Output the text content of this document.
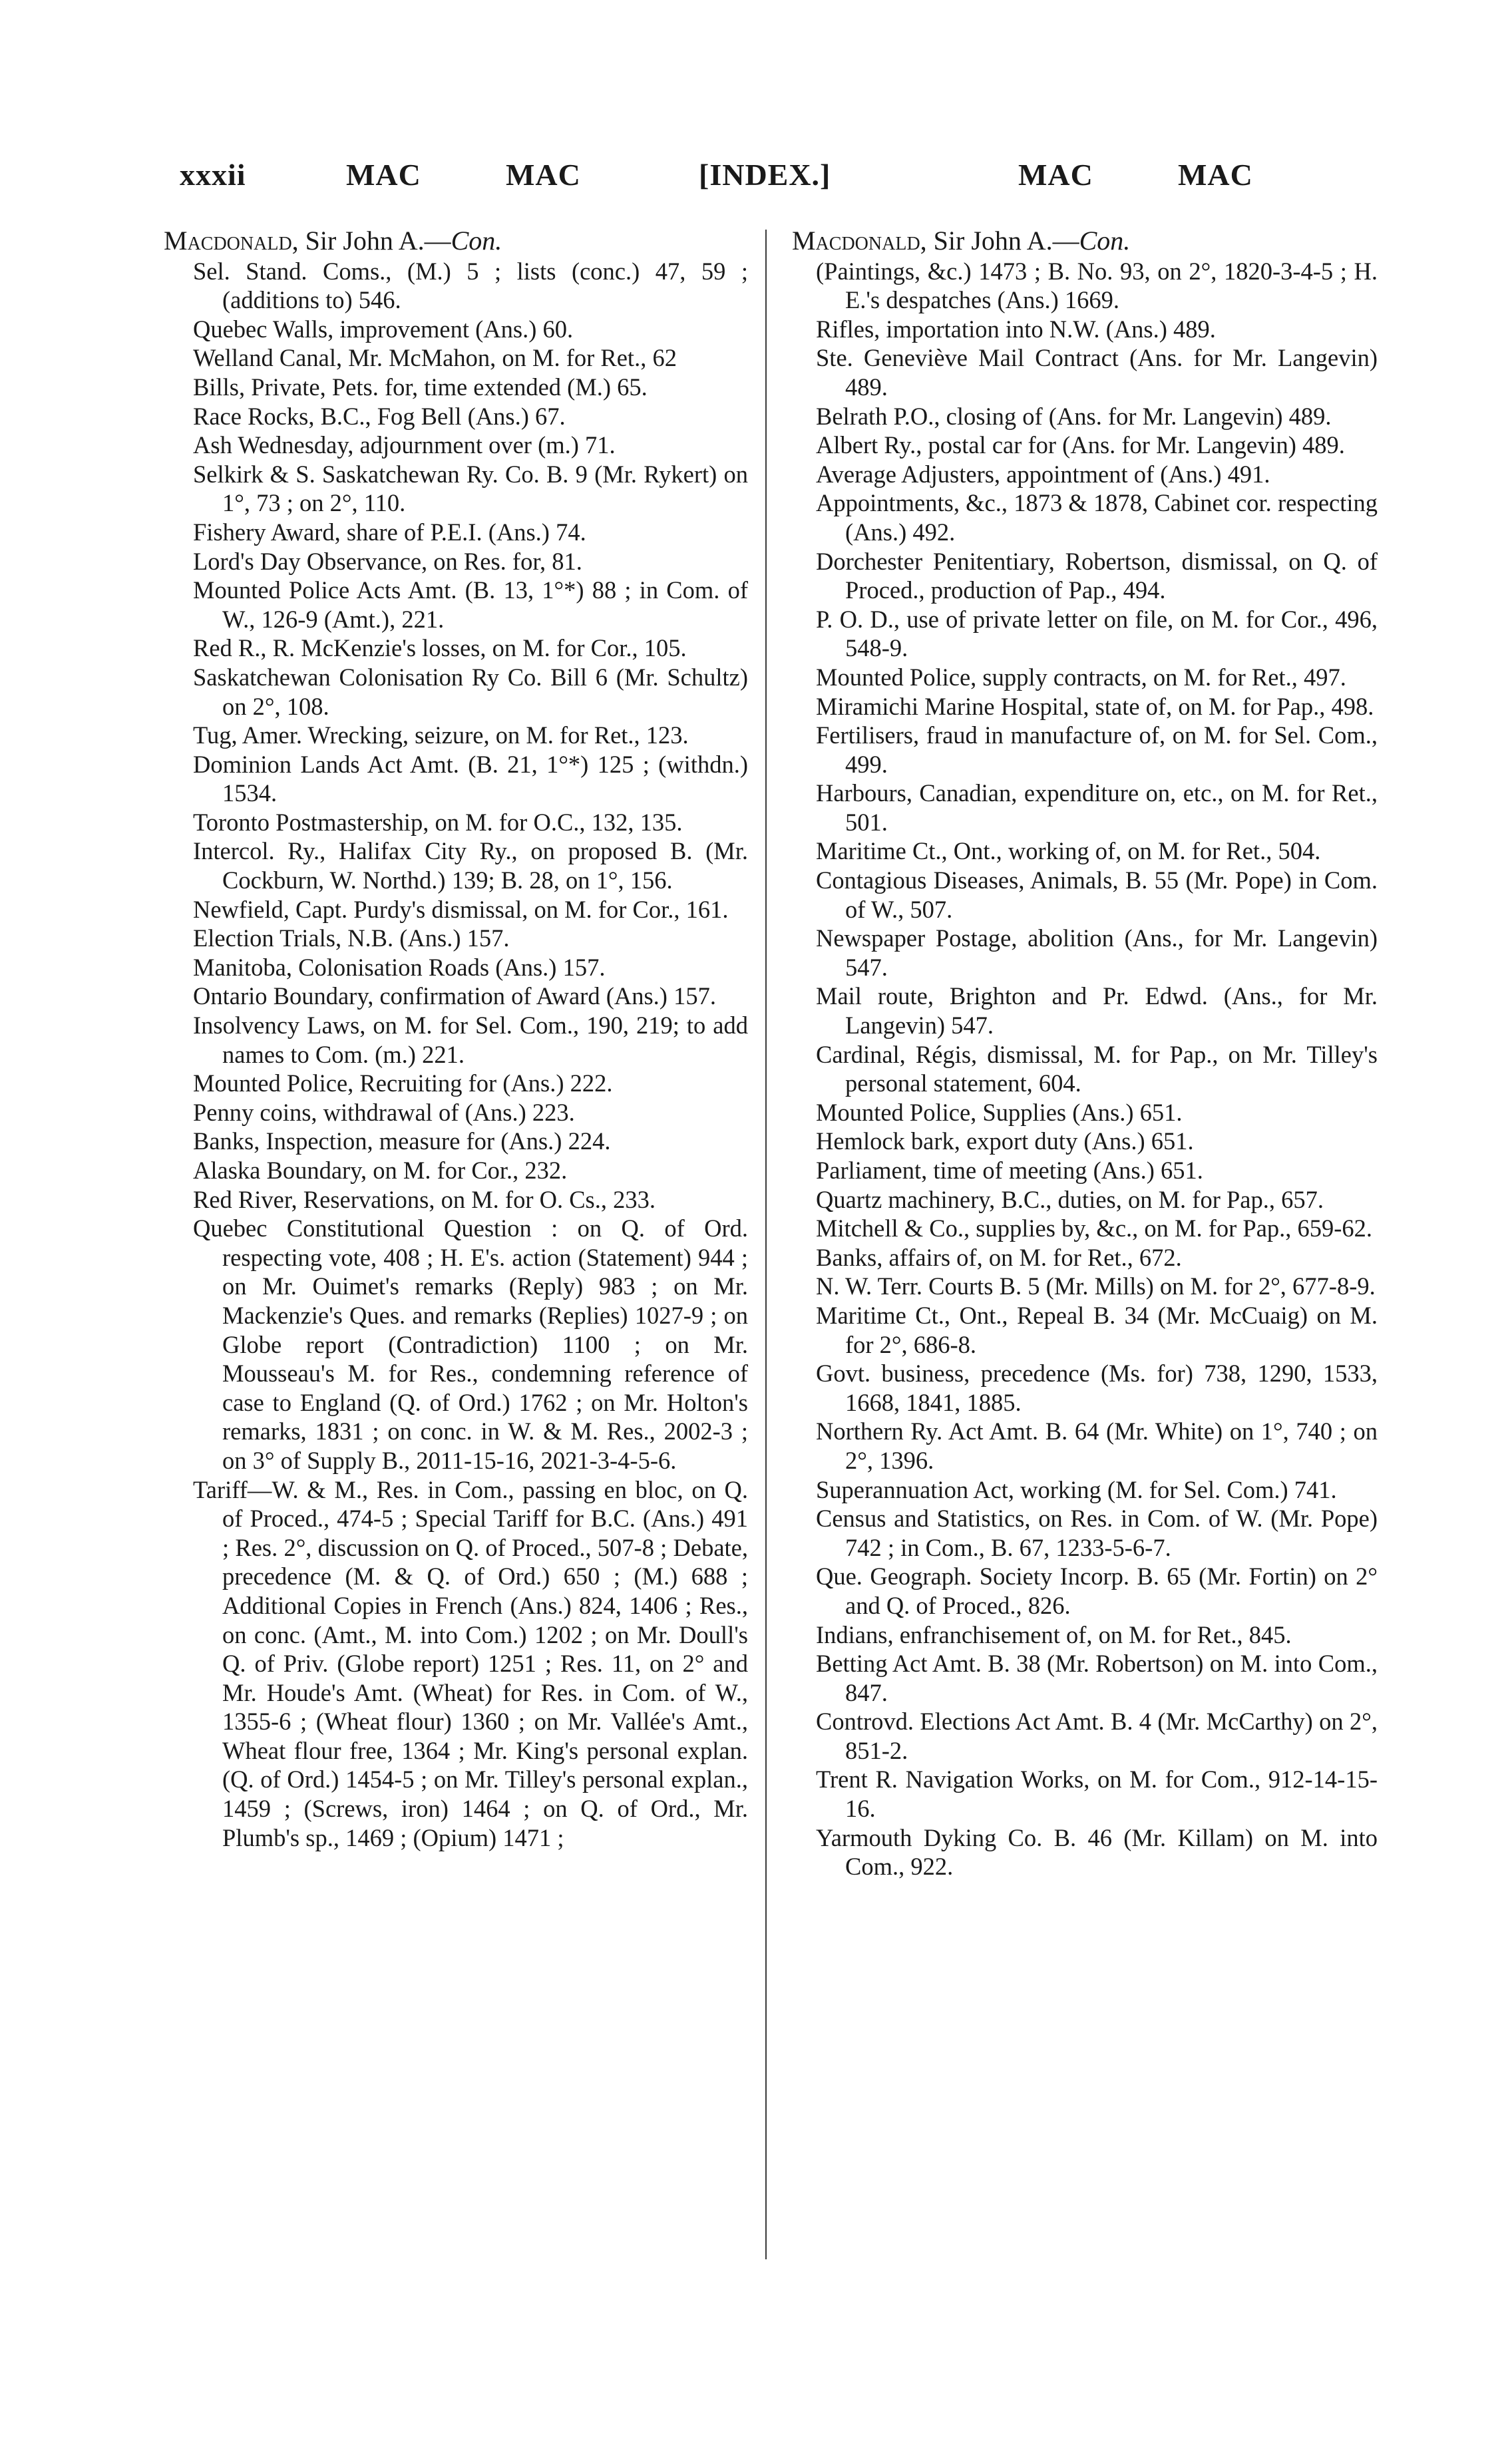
xxxii	MAC	MAC	[INDEX.]	MAC	MAC
Macdonald, Sir John A.—Con.
Sel. Stand. Coms., (M.) 5 ; lists (conc.) 47, 59 ; (additions to) 546.
Quebec Walls, improvement (Ans.) 60.
Welland Canal, Mr. McMahon, on M. for Ret., 62
Bills, Private, Pets. for, time extended (M.) 65.
Race Rocks, B.C., Fog Bell (Ans.) 67.
Ash Wednesday, adjournment over (m.) 71.
Selkirk & S. Saskatchewan Ry. Co. B. 9 (Mr. Rykert) on 1°, 73 ; on 2°, 110.
Fishery Award, share of P.E.I. (Ans.) 74.
Lord's Day Observance, on Res. for, 81.
Mounted Police Acts Amt. (B. 13, 1°*) 88 ; in Com. of W., 126-9 (Amt.), 221.
Red R., R. McKenzie's losses, on M. for Cor., 105.
Saskatchewan Colonisation Ry Co. Bill 6 (Mr. Schultz) on 2°, 108.
Tug, Amer. Wrecking, seizure, on M. for Ret., 123.
Dominion Lands Act Amt. (B. 21, 1°*) 125 ; (withdn.) 1534.
Toronto Postmastership, on M. for O.C., 132, 135.
Intercol. Ry., Halifax City Ry., on proposed B. (Mr. Cockburn, W. Northd.) 139; B. 28, on 1°, 156.
Newfield, Capt. Purdy's dismissal, on M. for Cor., 161.
Election Trials, N.B. (Ans.) 157.
Manitoba, Colonisation Roads (Ans.) 157.
Ontario Boundary, confirmation of Award (Ans.) 157.
Insolvency Laws, on M. for Sel. Com., 190, 219; to add names to Com. (m.) 221.
Mounted Police, Recruiting for (Ans.) 222.
Penny coins, withdrawal of (Ans.) 223.
Banks, Inspection, measure for (Ans.) 224.
Alaska Boundary, on M. for Cor., 232.
Red River, Reservations, on M. for O. Cs., 233.
Quebec Constitutional Question : on Q. of Ord. respecting vote, 408 ; H. E's. action (Statement) 944 ; on Mr. Ouimet's remarks (Reply) 983 ; on Mr. Mackenzie's Ques. and remarks (Replies) 1027-9 ; on Globe report (Contradiction) 1100 ; on Mr. Mousseau's M. for Res., condemning reference of case to England (Q. of Ord.) 1762 ; on Mr. Holton's remarks, 1831 ; on conc. in W. & M. Res., 2002-3 ; on 3° of Supply B., 2011-15-16, 2021-3-4-5-6.
Tariff—W. & M., Res. in Com., passing en bloc, on Q. of Proced., 474-5 ; Special Tariff for B.C. (Ans.) 491 ; Res. 2°, discussion on Q. of Proced., 507-8 ; Debate, precedence (M. & Q. of Ord.) 650 ; (M.) 688 ; Additional Copies in French (Ans.) 824, 1406 ; Res., on conc. (Amt., M. into Com.) 1202 ; on Mr. Doull's Q. of Priv. (Globe report) 1251 ; Res. 11, on 2° and Mr. Houde's Amt. (Wheat) for Res. in Com. of W., 1355-6 ; (Wheat flour) 1360 ; on Mr. Vallée's Amt., Wheat flour free, 1364 ; Mr. King's personal explan. (Q. of Ord.) 1454-5 ; on Mr. Tilley's personal explan., 1459 ; (Screws, iron) 1464 ; on Q. of Ord., Mr. Plumb's sp., 1469 ; (Opium) 1471 ;
Macdonald, Sir John A.—Con.
(Paintings, &c.) 1473 ; B. No. 93, on 2°, 1820-3-4-5 ; H. E.'s despatches (Ans.) 1669.
Rifles, importation into N.W. (Ans.) 489.
Ste. Geneviève Mail Contract (Ans. for Mr. Langevin) 489.
Belrath P.O., closing of (Ans. for Mr. Langevin) 489.
Albert Ry., postal car for (Ans. for Mr. Langevin) 489.
Average Adjusters, appointment of (Ans.) 491.
Appointments, &c., 1873 & 1878, Cabinet cor. respecting (Ans.) 492.
Dorchester Penitentiary, Robertson, dismissal, on Q. of Proced., production of Pap., 494.
P. O. D., use of private letter on file, on M. for Cor., 496, 548-9.
Mounted Police, supply contracts, on M. for Ret., 497.
Miramichi Marine Hospital, state of, on M. for Pap., 498.
Fertilisers, fraud in manufacture of, on M. for Sel. Com., 499.
Harbours, Canadian, expenditure on, etc., on M. for Ret., 501.
Maritime Ct., Ont., working of, on M. for Ret., 504.
Contagious Diseases, Animals, B. 55 (Mr. Pope) in Com. of W., 507.
Newspaper Postage, abolition (Ans., for Mr. Langevin) 547.
Mail route, Brighton and Pr. Edwd. (Ans., for Mr. Langevin) 547.
Cardinal, Régis, dismissal, M. for Pap., on Mr. Tilley's personal statement, 604.
Mounted Police, Supplies (Ans.) 651.
Hemlock bark, export duty (Ans.) 651.
Parliament, time of meeting (Ans.) 651.
Quartz machinery, B.C., duties, on M. for Pap., 657.
Mitchell & Co., supplies by, &c., on M. for Pap., 659-62.
Banks, affairs of, on M. for Ret., 672.
N. W. Terr. Courts B. 5 (Mr. Mills) on M. for 2°, 677-8-9.
Maritime Ct., Ont., Repeal B. 34 (Mr. McCuaig) on M. for 2°, 686-8.
Govt. business, precedence (Ms. for) 738, 1290, 1533, 1668, 1841, 1885.
Northern Ry. Act Amt. B. 64 (Mr. White) on 1°, 740 ; on 2°, 1396.
Superannuation Act, working (M. for Sel. Com.) 741.
Census and Statistics, on Res. in Com. of W. (Mr. Pope) 742 ; in Com., B. 67, 1233-5-6-7.
Que. Geograph. Society Incorp. B. 65 (Mr. Fortin) on 2° and Q. of Proced., 826.
Indians, enfranchisement of, on M. for Ret., 845.
Betting Act Amt. B. 38 (Mr. Robertson) on M. into Com., 847.
Controvd. Elections Act Amt. B. 4 (Mr. McCarthy) on 2°, 851-2.
Trent R. Navigation Works, on M. for Com., 912-14-15-16.
Yarmouth Dyking Co. B. 46 (Mr. Killam) on M. into Com., 922.
